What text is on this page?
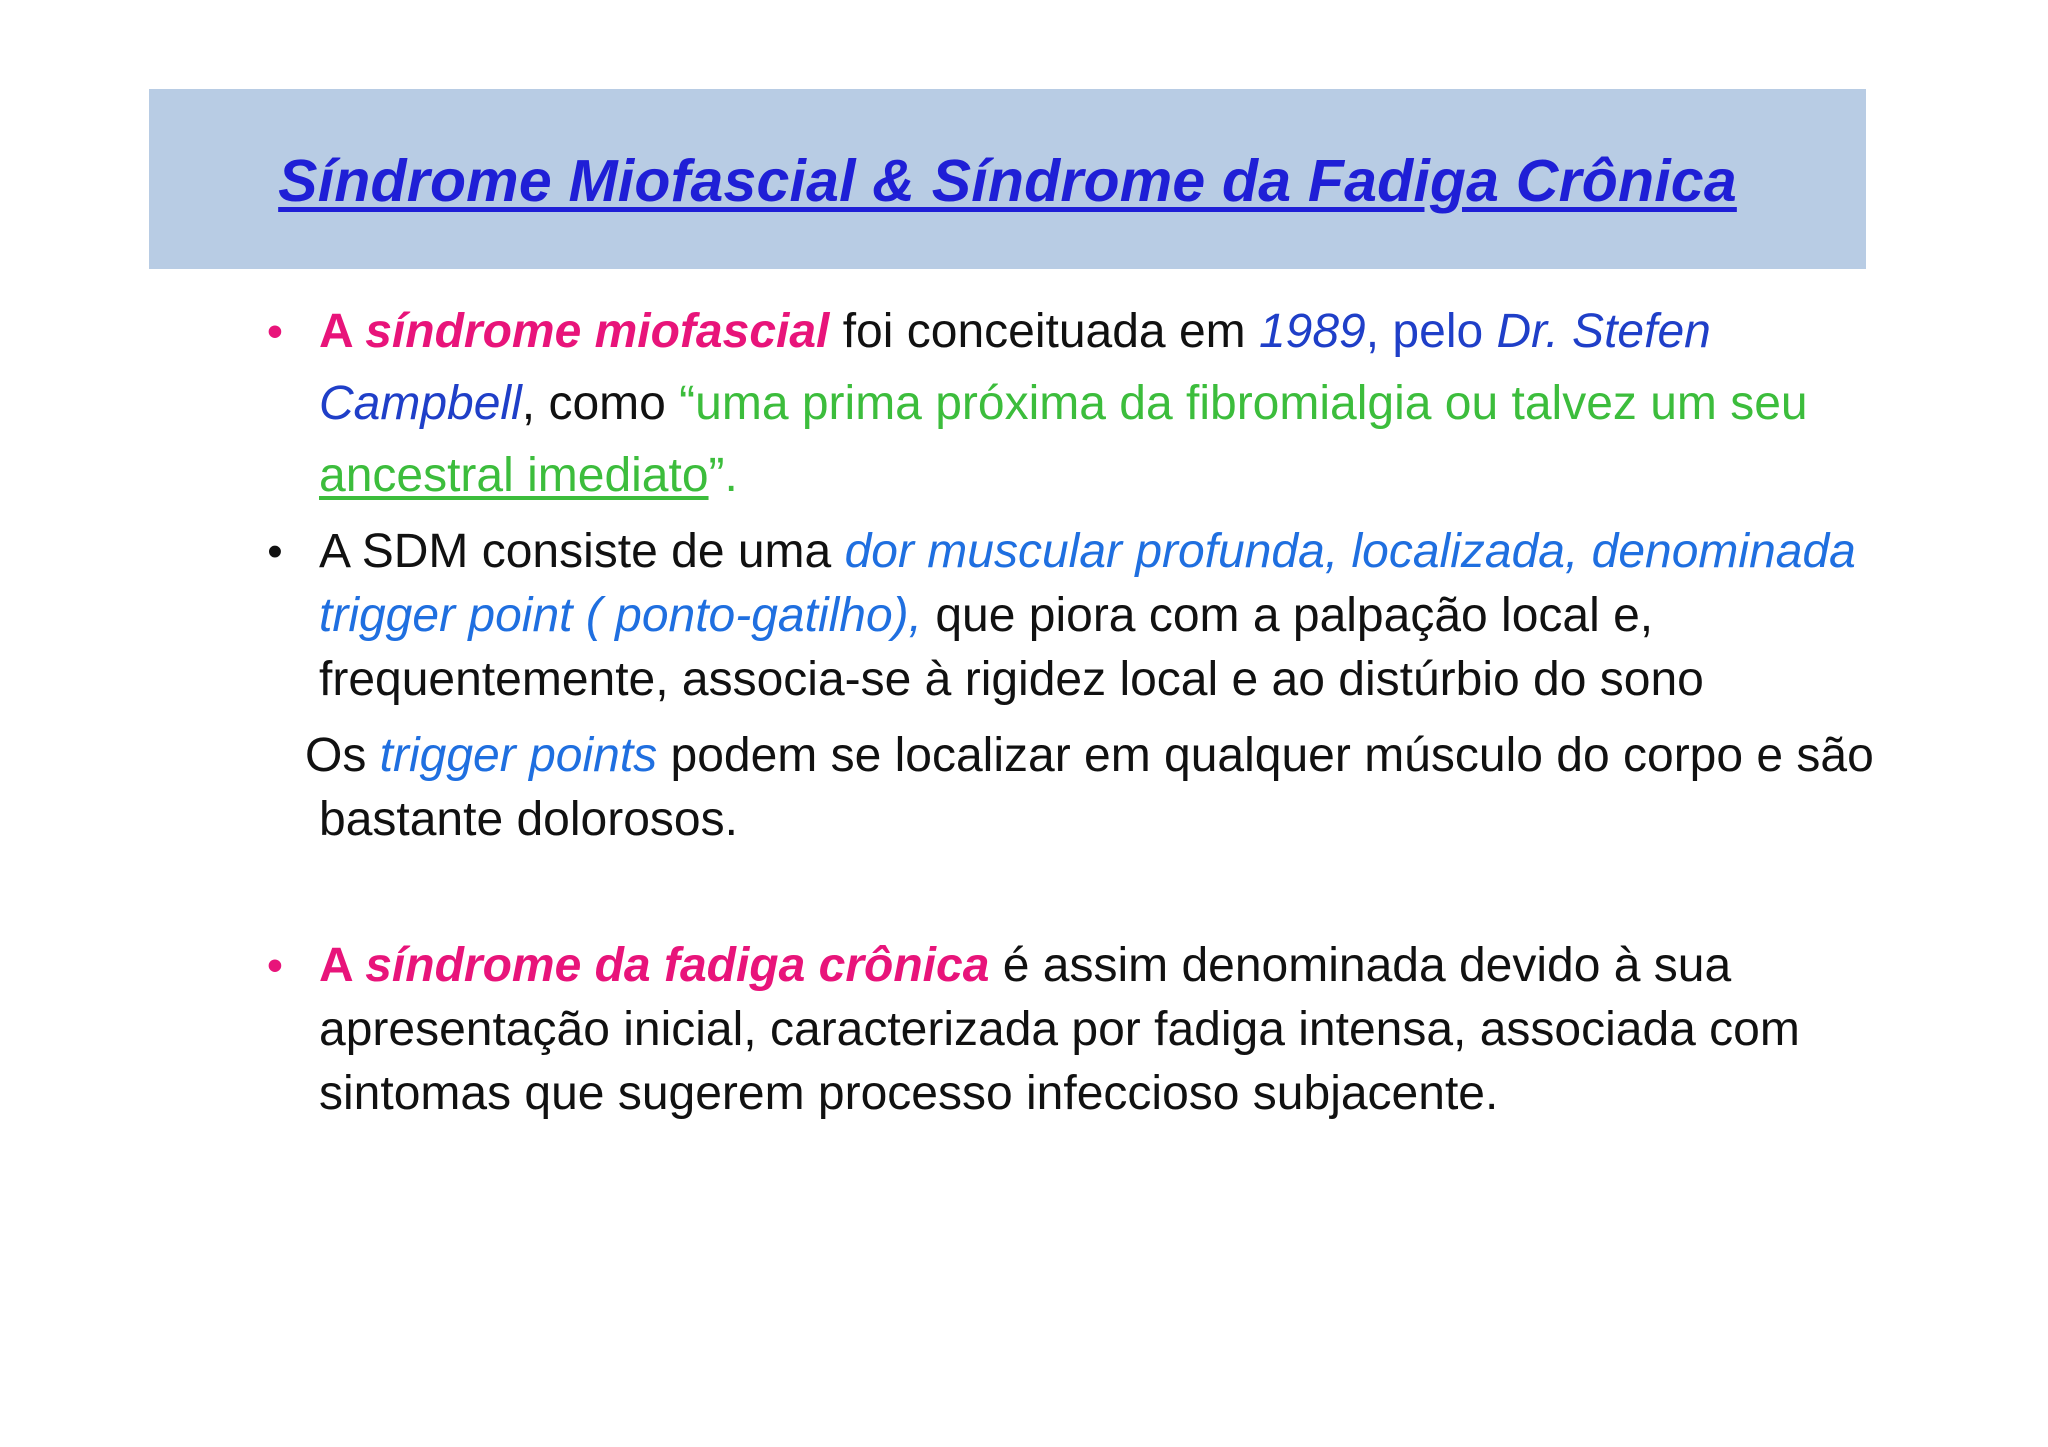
Síndrome Miofascial & Síndrome da Fadiga Crônica
• A síndrome miofascial foi conceituada em 1989, pelo Dr. Stefen Campbell, como “uma prima próxima da fibromialgia ou talvez um seu ancestral imediato”.
• A SDM consiste de uma dor muscular profunda, localizada, denominada trigger point ( ponto-gatilho), que piora com a palpação local e, frequentemente, associa-se à rigidez local e ao distúrbio do sono
Os trigger points podem se localizar em qualquer músculo do corpo e são bastante dolorosos.
• A síndrome da fadiga crônica é assim denominada devido à sua apresentação inicial, caracterizada por fadiga intensa, associada com sintomas que sugerem processo infeccioso subjacente.
